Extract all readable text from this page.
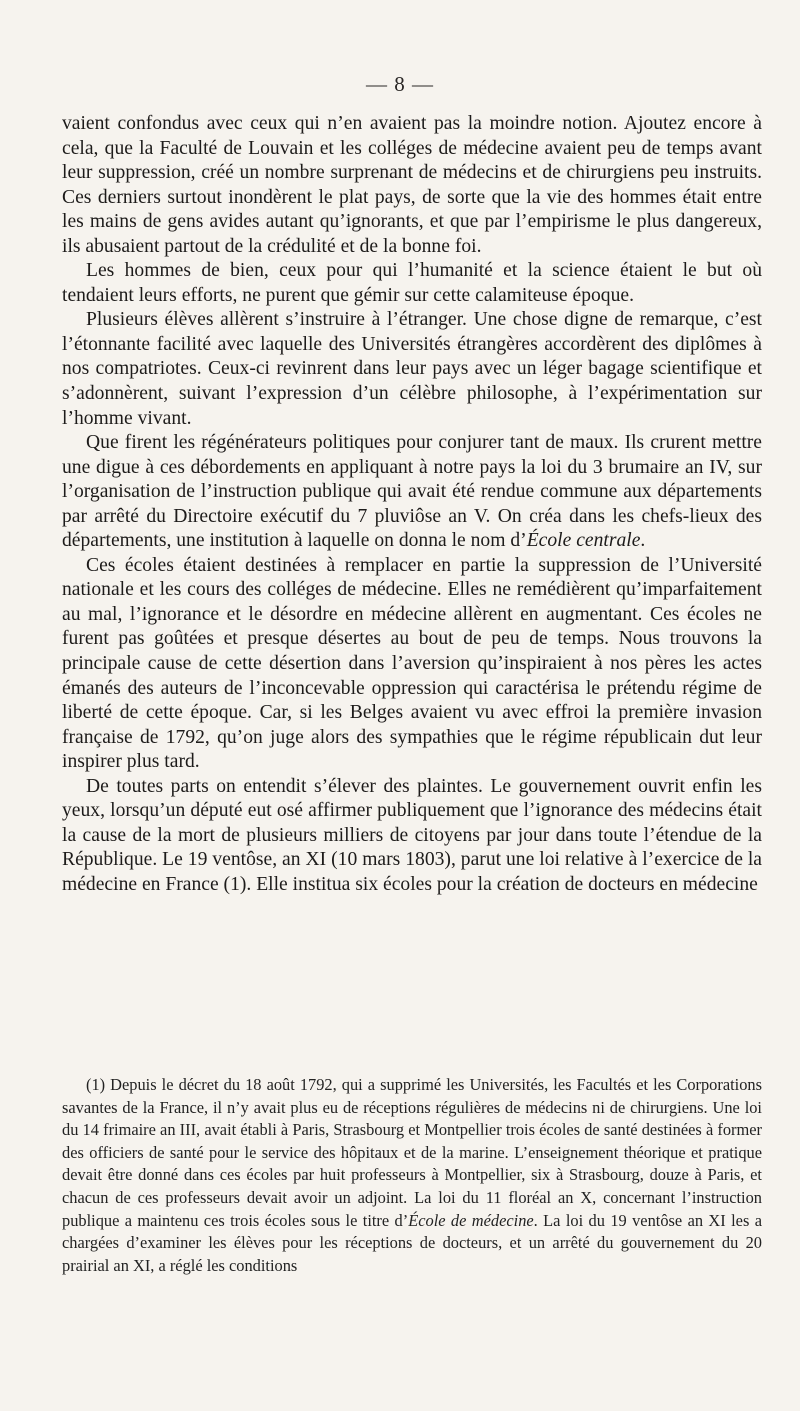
— 8 —

vaient confondus avec ceux qui n’en avaient pas la moindre notion. Ajoutez encore à cela, que la Faculté de Louvain et les colléges de médecine avaient peu de temps avant leur suppression, créé un nombre surprenant de médecins et de chirurgiens peu instruits. Ces derniers surtout inondèrent le plat pays, de sorte que la vie des hommes était entre les mains de gens avides autant qu’ignorants, et que par l’empirisme le plus dangereux, ils abusaient partout de la crédulité et de la bonne foi.

Les hommes de bien, ceux pour qui l’humanité et la science étaient le but où tendaient leurs efforts, ne purent que gémir sur cette calamiteuse époque.

Plusieurs élèves allèrent s’instruire à l’étranger. Une chose digne de remarque, c’est l’étonnante facilité avec laquelle des Universités étrangères accordèrent des diplômes à nos compatriotes. Ceux-ci revinrent dans leur pays avec un léger bagage scientifique et s’adonnèrent, suivant l’expression d’un célèbre philosophe, à l’expérimentation sur l’homme vivant.

Que firent les régénérateurs politiques pour conjurer tant de maux. Ils crurent mettre une digue à ces débordements en appliquant à notre pays la loi du 3 brumaire an IV, sur l’organisation de l’instruction publique qui avait été rendue commune aux départements par arrêté du Directoire exécutif du 7 pluviôse an V. On créa dans les chefs-lieux des départements, une institution à laquelle on donna le nom d’École centrale.

Ces écoles étaient destinées à remplacer en partie la suppression de l’Université nationale et les cours des colléges de médecine. Elles ne remédièrent qu’imparfaitement au mal, l’ignorance et le désordre en médecine allèrent en augmentant. Ces écoles ne furent pas goûtées et presque désertes au bout de peu de temps. Nous trouvons la principale cause de cette désertion dans l’aversion qu’inspiraient à nos pères les actes émanés des auteurs de l’inconcevable oppression qui caractérisa le prétendu régime de liberté de cette époque. Car, si les Belges avaient vu avec effroi la première invasion française de 1792, qu’on juge alors des sympathies que le régime républicain dut leur inspirer plus tard.

De toutes parts on entendit s’élever des plaintes. Le gouvernement ouvrit enfin les yeux, lorsqu’un député eut osé affirmer publiquement que l’ignorance des médecins était la cause de la mort de plusieurs milliers de citoyens par jour dans toute l’étendue de la République. Le 19 ventôse, an XI (10 mars 1803), parut une loi relative à l’exercice de la médecine en France (1). Elle institua six écoles pour la création de docteurs en médecine

(1) Depuis le décret du 18 août 1792, qui a supprimé les Universités, les Facultés et les Corporations savantes de la France, il n’y avait plus eu de réceptions régulières de médecins ni de chirurgiens. Une loi du 14 frimaire an III, avait établi à Paris, Strasbourg et Montpellier trois écoles de santé destinées à former des officiers de santé pour le service des hôpitaux et de la marine. L’enseignement théorique et pratique devait être donné dans ces écoles par huit professeurs à Montpellier, six à Strasbourg, douze à Paris, et chacun de ces professeurs devait avoir un adjoint. La loi du 11 floréal an X, concernant l’instruction publique a maintenu ces trois écoles sous le titre d’École de médecine. La loi du 19 ventôse an XI les a chargées d’examiner les élèves pour les réceptions de docteurs, et un arrêté du gouvernement du 20 prairial an XI, a réglé les conditions
